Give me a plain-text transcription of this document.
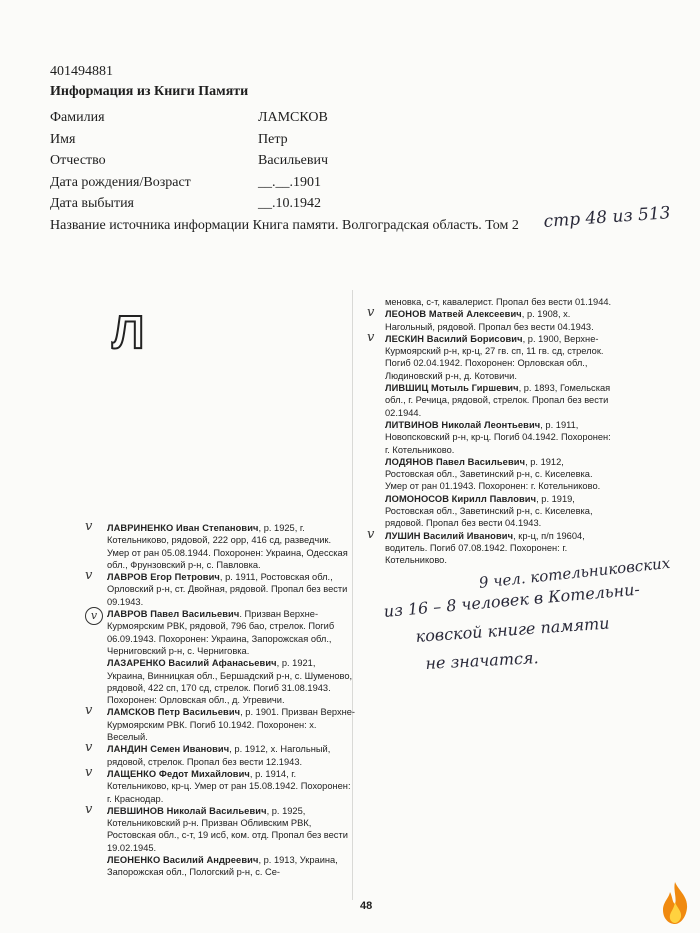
401494881
Информация из Книги Памяти
Фамилия	ЛАМСКОВ
Имя	Петр
Отчество	Васильевич
Дата рождения/Возраст	__.__.1901
Дата выбытия	__.10.1942
Название источника информации Книга памяти. Волгоградская область. Том 2 стр 48 из 513
Л

ЛАВРИНЕНКО Иван Степанович, р. 1925, г. Котельниково, рядовой, 222 орр, 416 сд, разведчик. Умер от ран 05.08.1944. Похоронен: Украина, Одесская обл., Фрунзовский р-н, с. Павловка.
v

ЛАВРОВ Егор Петрович, р. 1911, Ростовская обл., Орловский р-н, ст. Двойная, рядовой. Пропал без вести 09.1943.
v

ЛАВРОВ Павел Васильевич. Призван Верхне-Курмоярским РВК, рядовой, 796 бао, стрелок. Погиб 06.09.1943. Похоронен: Украина, Запорожская обл., Черниговский р-н, с. Черниговка.
v

ЛАЗАРЕНКО Василий Афанасьевич, р. 1921, Украина, Винницкая обл., Бершадский р-н, с. Шуменово, рядовой, 422 сп, 170 сд, стрелок. Погиб 31.08.1943. Похоронен: Орловская обл., д. Угревичи.

ЛАМСКОВ Петр Васильевич, р. 1901. Призван Верхне-Курмоярским РВК. Погиб 10.1942. Похоронен: х. Веселый.
v

ЛАНДИН Семен Иванович, р. 1912, х. Нагольный, рядовой, стрелок. Пропал без вести 12.1943.
v

ЛАЩЕНКО Федот Михайлович, р. 1914, г. Котельниково, кр-ц. Умер от ран 15.08.1942. Похоронен: г. Краснодар.
v

ЛЕВШИНОВ Николай Васильевич, р. 1925, Котельниковский р-н. Призван Обливским РВК, Ростовская обл., с-т, 19 исб, ком. отд. Пропал без вести 19.02.1945.
v

ЛЕОНЕНКО Василий Андреевич, р. 1913, Украина, Запорожская обл., Пологский р-н, с. Се-

меновка, с-т, кавалерист. Пропал без вести 01.1944.

ЛЕОНОВ Матвей Алексеевич, р. 1908, х. Нагольный, рядовой. Пропал без вести 04.1943.
v

ЛЕСКИН Василий Борисович, р. 1900, Верхне-Курмоярский р-н, кр-ц, 27 гв. сп, 11 гв. сд, стрелок. Погиб 02.04.1942. Похоронен: Орловская обл., Людиновский р-н, д. Котовичи.
v

ЛИВШИЦ Мотыль Гиршевич, р. 1893, Гомельская обл., г. Речица, рядовой, стрелок. Пропал без вести 02.1944.

ЛИТВИНОВ Николай Леонтьевич, р. 1911, Новопсковский р-н, кр-ц. Погиб 04.1942. Похоронен: г. Котельниково.

ЛОДЯНОВ Павел Васильевич, р. 1912, Ростовская обл., Заветинский р-н, с. Киселевка. Умер от ран 01.1943. Похоронен: г. Котельниково.

ЛОМОНОСОВ Кирилл Павлович, р. 1919, Ростовская обл., Заветинский р-н, с. Киселевка, рядовой. Пропал без вести 04.1943.

ЛУШИН Василий Иванович, кр-ц, п/п 19604, водитель. Погиб 07.08.1942. Похоронен: г. Котельниково.
v

9 чел. котельниковских
из 16 – 8 человек в Котельни-
ковской книге памяти
не значатся.
48
